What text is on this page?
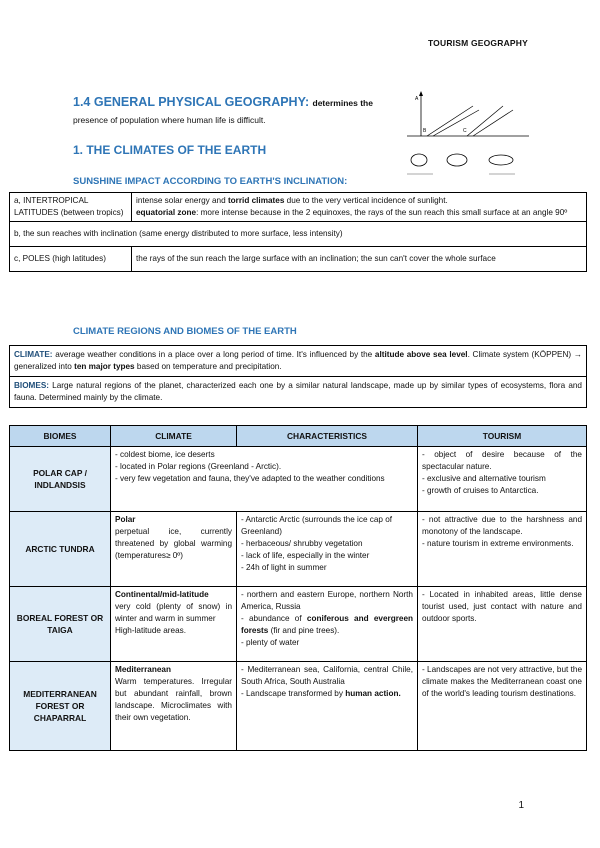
TOURISM GEOGRAPHY
1.4 GENERAL PHYSICAL GEOGRAPHY: determines the
presence of population where human life is difficult.
A
B	C
1. THE CLIMATES OF THE EARTH
SUNSHINE IMPACT ACCORDING TO EARTH'S INCLINATION:
a, INTERTROPICAL LATITUDES (between tropics)	intense solar energy and torrid climates due to the very vertical incidence of sunlight.
equatorial zone: more intense because in the 2 equinoxes, the rays of the sun reach this small surface at an angle 90º

b, the sun reaches with inclination (same energy distributed to more surface, less intensity)	
c, POLES (high latitudes)	the rays of the sun reach the large surface with an inclination; the sun can't cover the whole surface
CLIMATE REGIONS AND BIOMES OF THE EARTH
CLIMATE: average weather conditions in a place over a long period of time. It's influenced by the altitude above sea level. Climate system (KÖPPEN) → generalized into ten major types based on temperature and precipitation.
BIOMES: Large natural regions of the planet, characterized each one by a similar natural landscape, made up by similar types of ecosystems, flora and fauna. Determined mainly by the climate.
BIOMES	CLIMATE	CHARACTERISTICS	TOURISM
POLAR CAP / INDLANDSIS	- coldest biome, ice deserts
- located in Polar regions (Greenland - Arctic).
- very few vegetation and fauna, they've adapted to the weather conditions		- object of desire because of the spectacular nature.
- exclusive and alternative tourism
- growth of cruises to Antarctica.

ARCTIC TUNDRA	Polar
perpetual ice, currently threatened by global warming (temperatures≥ 0º)	- Antarctic Arctic (surrounds the ice cap of Greenland)
- herbaceous/ shrubby vegetation
- lack of life, especially in the winter
- 24h of light in summer	- not attractive due to the harshness and monotony of the landscape.
- nature tourism in extreme environments.

BOREAL FOREST OR TAIGA	Continental/mid-latitude
very cold (plenty of snow) in winter and warm in summer
High-latitude areas.	- northern and eastern Europe, northern North America, Russia
- abundance of coniferous and evergreen forests (fir and pine trees).
- plenty of water	- Located in inhabited areas, little dense tourist used, just contact with nature and outdoor sports.
MEDITERRANEAN FOREST OR CHAPARRAL	Mediterranean
Warm temperatures. Irregular but abundant rainfall, brown landscape. Microclimates with their own vegetation.	- Mediterranean sea, California, central Chile, South Africa, South Australia
- Landscape transformed by human action.	- Landscapes are not very attractive, but the climate makes the Mediterranean coast one of the world's leading tourism destinations.
1
